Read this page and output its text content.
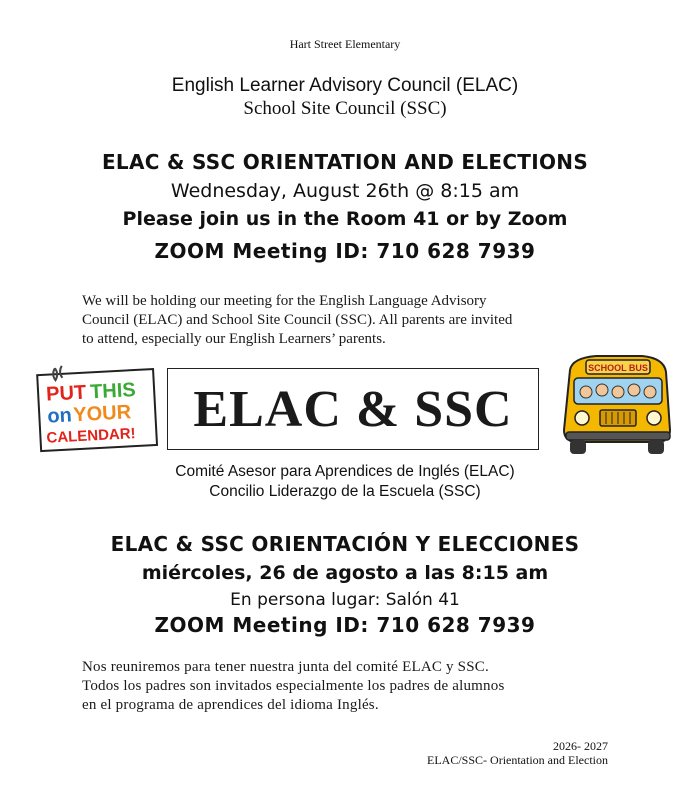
Hart Street Elementary
English Learner Advisory Council (ELAC)
School Site Council (SSC)
ELAC & SSC ORIENTATION AND ELECTIONS
Wednesday, August 26th @ 8:15 am
Please join us in the Room 41 or by Zoom
ZOOM Meeting ID: 710 628 7939
We will be holding our meeting for the English Language Advisory
Council (ELAC) and School Site Council (SSC). All parents are invited
to attend, especially our English Learners’ parents.
PUT THIS
on YOUR
CALENDAR! ELAC & SSC
SCHOOL BUS
Comité Asesor para Aprendices de Inglés (ELAC)
Concilio Liderazgo de la Escuela (SSC)
ELAC & SSC ORIENTACIÓN Y ELECCIONES
miércoles, 26 de agosto a las 8:15 am
En persona lugar: Salón 41
ZOOM Meeting ID: 710 628 7939
Nos reuniremos para tener nuestra junta del comité ELAC y SSC.
Todos los padres son invitados especialmente los padres de alumnos
en el programa de aprendices del idioma Inglés.
2026- 2027
ELAC/SSC- Orientation and Election
